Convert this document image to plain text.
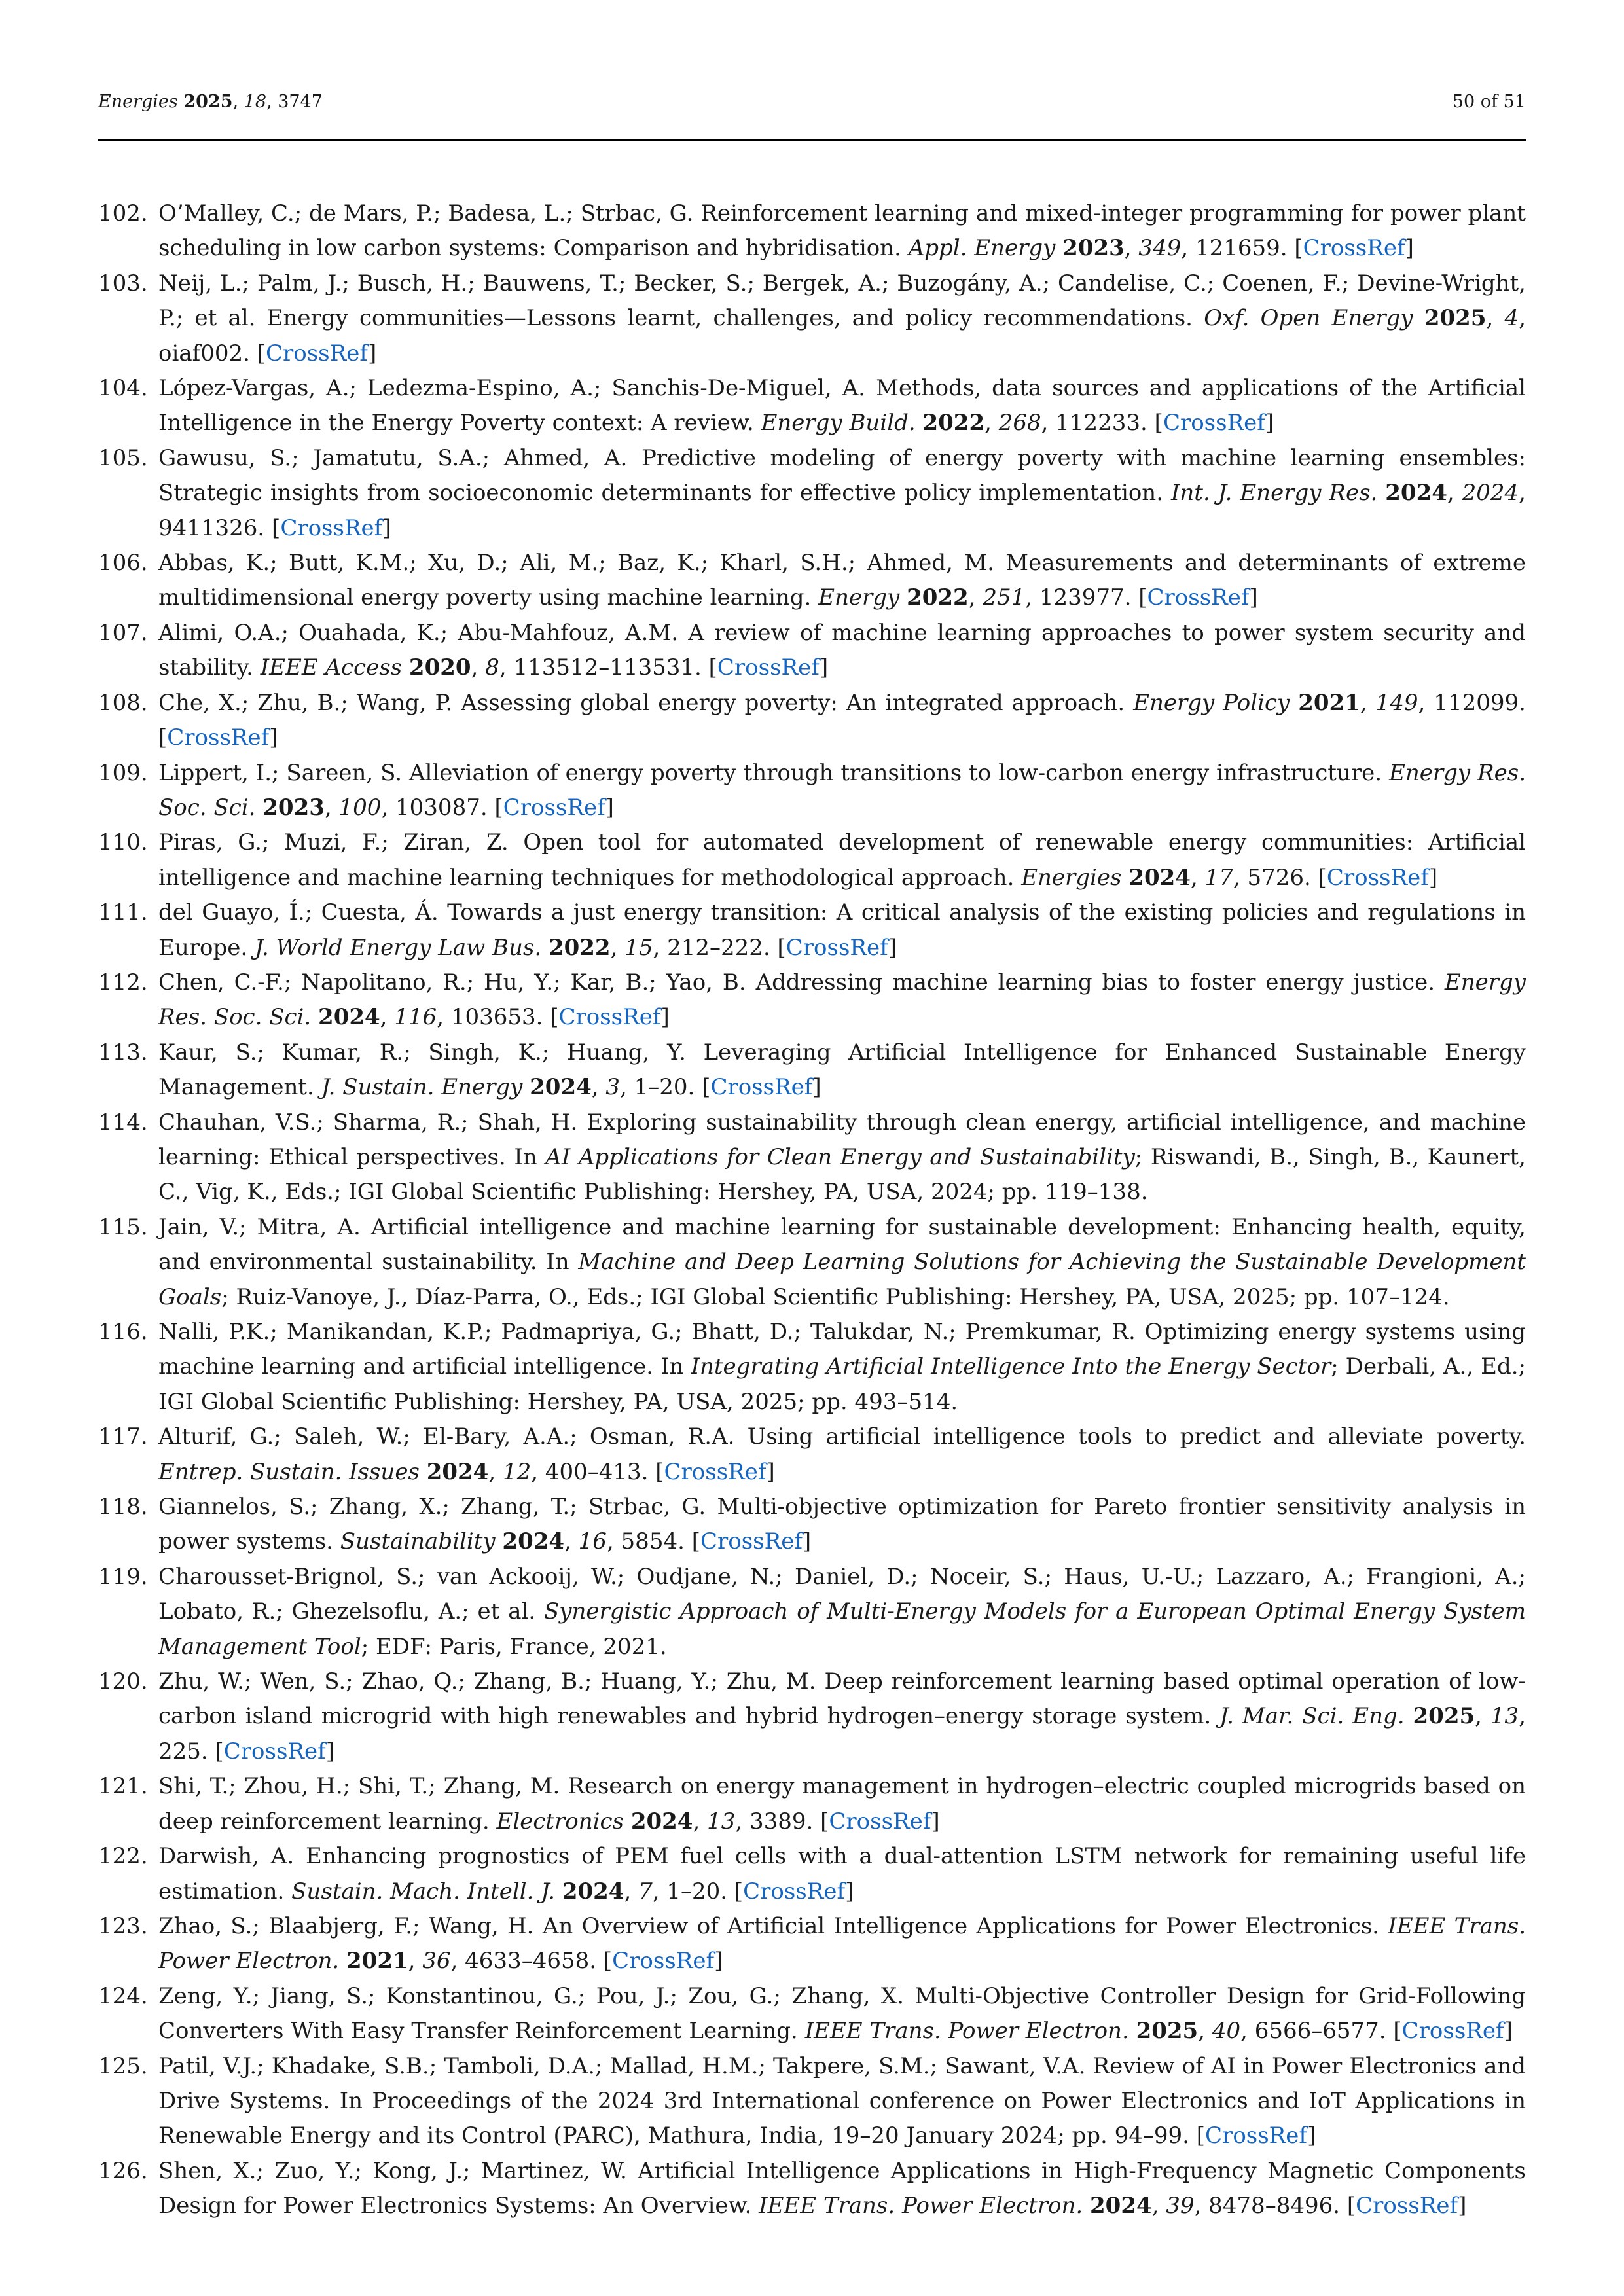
Energies 2025, 18, 3747	50 of 51
102. O’Malley, C.; de Mars, P.; Badesa, L.; Strbac, G. Reinforcement learning and mixed-integer programming for power plant scheduling in low carbon systems: Comparison and hybridisation. Appl. Energy 2023, 349, 121659. [CrossRef]
103. Neij, L.; Palm, J.; Busch, H.; Bauwens, T.; Becker, S.; Bergek, A.; Buzogány, A.; Candelise, C.; Coenen, F.; Devine-Wright, P.; et al. Energy communities—Lessons learnt, challenges, and policy recommendations. Oxf. Open Energy 2025, 4, oiaf002. [CrossRef]
104. López-Vargas, A.; Ledezma-Espino, A.; Sanchis-De-Miguel, A. Methods, data sources and applications of the Artificial Intelligence in the Energy Poverty context: A review. Energy Build. 2022, 268, 112233. [CrossRef]
105. Gawusu, S.; Jamatutu, S.A.; Ahmed, A. Predictive modeling of energy poverty with machine learning ensembles: Strategic insights from socioeconomic determinants for effective policy implementation. Int. J. Energy Res. 2024, 2024, 9411326. [CrossRef]
106. Abbas, K.; Butt, K.M.; Xu, D.; Ali, M.; Baz, K.; Kharl, S.H.; Ahmed, M. Measurements and determinants of extreme multidimensional energy poverty using machine learning. Energy 2022, 251, 123977. [CrossRef]
107. Alimi, O.A.; Ouahada, K.; Abu-Mahfouz, A.M. A review of machine learning approaches to power system security and stability. IEEE Access 2020, 8, 113512–113531. [CrossRef]
108. Che, X.; Zhu, B.; Wang, P. Assessing global energy poverty: An integrated approach. Energy Policy 2021, 149, 112099. [CrossRef]
109. Lippert, I.; Sareen, S. Alleviation of energy poverty through transitions to low-carbon energy infrastructure. Energy Res. Soc. Sci. 2023, 100, 103087. [CrossRef]
110. Piras, G.; Muzi, F.; Ziran, Z. Open tool for automated development of renewable energy communities: Artificial intelligence and machine learning techniques for methodological approach. Energies 2024, 17, 5726. [CrossRef]
111. del Guayo, Í.; Cuesta, Á. Towards a just energy transition: A critical analysis of the existing policies and regulations in Europe. J. World Energy Law Bus. 2022, 15, 212–222. [CrossRef]
112. Chen, C.-F.; Napolitano, R.; Hu, Y.; Kar, B.; Yao, B. Addressing machine learning bias to foster energy justice. Energy Res. Soc. Sci. 2024, 116, 103653. [CrossRef]
113. Kaur, S.; Kumar, R.; Singh, K.; Huang, Y. Leveraging Artificial Intelligence for Enhanced Sustainable Energy Management. J. Sustain. Energy 2024, 3, 1–20. [CrossRef]
114. Chauhan, V.S.; Sharma, R.; Shah, H. Exploring sustainability through clean energy, artificial intelligence, and machine learning: Ethical perspectives. In AI Applications for Clean Energy and Sustainability; Riswandi, B., Singh, B., Kaunert, C., Vig, K., Eds.; IGI Global Scientific Publishing: Hershey, PA, USA, 2024; pp. 119–138.
115. Jain, V.; Mitra, A. Artificial intelligence and machine learning for sustainable development: Enhancing health, equity, and environmental sustainability. In Machine and Deep Learning Solutions for Achieving the Sustainable Development Goals; Ruiz-Vanoye, J., Díaz-Parra, O., Eds.; IGI Global Scientific Publishing: Hershey, PA, USA, 2025; pp. 107–124.
116. Nalli, P.K.; Manikandan, K.P.; Padmapriya, G.; Bhatt, D.; Talukdar, N.; Premkumar, R. Optimizing energy systems using machine learning and artificial intelligence. In Integrating Artificial Intelligence Into the Energy Sector; Derbali, A., Ed.; IGI Global Scientific Publishing: Hershey, PA, USA, 2025; pp. 493–514.
117. Alturif, G.; Saleh, W.; El-Bary, A.A.; Osman, R.A. Using artificial intelligence tools to predict and alleviate poverty. Entrep. Sustain. Issues 2024, 12, 400–413. [CrossRef]
118. Giannelos, S.; Zhang, X.; Zhang, T.; Strbac, G. Multi-objective optimization for Pareto frontier sensitivity analysis in power systems. Sustainability 2024, 16, 5854. [CrossRef]
119. Charousset-Brignol, S.; van Ackooij, W.; Oudjane, N.; Daniel, D.; Noceir, S.; Haus, U.-U.; Lazzaro, A.; Frangioni, A.; Lobato, R.; Ghezelsoflu, A.; et al. Synergistic Approach of Multi-Energy Models for a European Optimal Energy System Management Tool; EDF: Paris, France, 2021.
120. Zhu, W.; Wen, S.; Zhao, Q.; Zhang, B.; Huang, Y.; Zhu, M. Deep reinforcement learning based optimal operation of low-carbon island microgrid with high renewables and hybrid hydrogen–energy storage system. J. Mar. Sci. Eng. 2025, 13, 225. [CrossRef]
121. Shi, T.; Zhou, H.; Shi, T.; Zhang, M. Research on energy management in hydrogen–electric coupled microgrids based on deep reinforcement learning. Electronics 2024, 13, 3389. [CrossRef]
122. Darwish, A. Enhancing prognostics of PEM fuel cells with a dual-attention LSTM network for remaining useful life estimation. Sustain. Mach. Intell. J. 2024, 7, 1–20. [CrossRef]
123. Zhao, S.; Blaabjerg, F.; Wang, H. An Overview of Artificial Intelligence Applications for Power Electronics. IEEE Trans. Power Electron. 2021, 36, 4633–4658. [CrossRef]
124. Zeng, Y.; Jiang, S.; Konstantinou, G.; Pou, J.; Zou, G.; Zhang, X. Multi-Objective Controller Design for Grid-Following Converters With Easy Transfer Reinforcement Learning. IEEE Trans. Power Electron. 2025, 40, 6566–6577. [CrossRef]
125. Patil, V.J.; Khadake, S.B.; Tamboli, D.A.; Mallad, H.M.; Takpere, S.M.; Sawant, V.A. Review of AI in Power Electronics and Drive Systems. In Proceedings of the 2024 3rd International conference on Power Electronics and IoT Applications in Renewable Energy and its Control (PARC), Mathura, India, 19–20 January 2024; pp. 94–99. [CrossRef]
126. Shen, X.; Zuo, Y.; Kong, J.; Martinez, W. Artificial Intelligence Applications in High-Frequency Magnetic Components Design for Power Electronics Systems: An Overview. IEEE Trans. Power Electron. 2024, 39, 8478–8496. [CrossRef]
